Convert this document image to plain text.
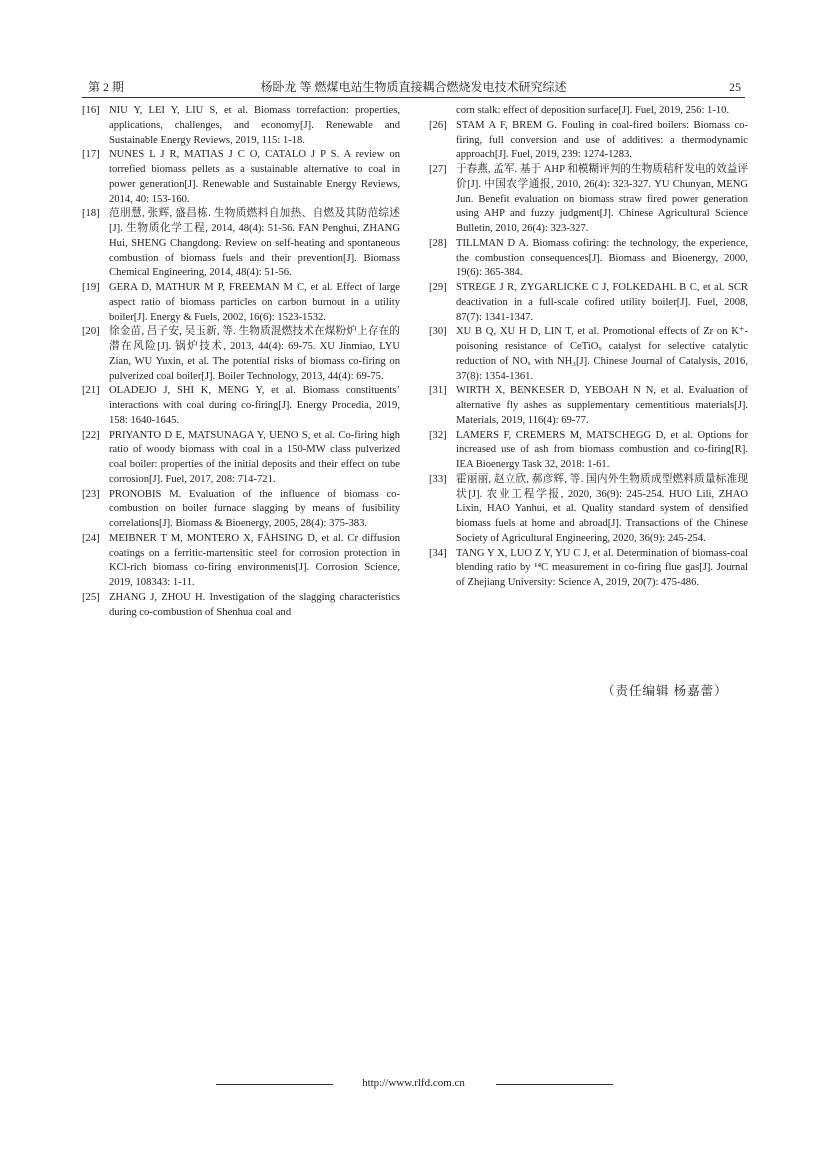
第 2 期	杨卧龙 等 燃煤电站生物质直接耦合燃烧发电技术研究综述	25
[16] NIU Y, LEI Y, LIU S, et al. Biomass torrefaction: properties, applications, challenges, and economy[J]. Renewable and Sustainable Energy Reviews, 2019, 115: 1-18.
[17] NUNES L J R, MATIAS J C O, CATALO J P S. A review on torrefied biomass pellets as a sustainable alternative to coal in power generation[J]. Renewable and Sustainable Energy Reviews, 2014, 40: 153-160.
[18] 范朋慧, 张辉, 盛昌栋. 生物质燃料自加热、自燃及其防范综述[J]. 生物质化学工程, 2014, 48(4): 51-56. FAN Penghui, ZHANG Hui, SHENG Changdong. Review on self-heating and spontaneous combustion of biomass fuels and their prevention[J]. Biomass Chemical Engineering, 2014, 48(4): 51-56.
[19] GERA D, MATHUR M P, FREEMAN M C, et al. Effect of large aspect ratio of biomass particles on carbon burnout in a utility boiler[J]. Energy & Fuels, 2002, 16(6): 1523-1532.
[20] 徐金苗, 吕子安, 吴玉新, 等. 生物质混燃技术在煤粉炉上存在的潜在风险[J]. 锅炉技术, 2013, 44(4): 69-75. XU Jinmiao, LYU Zian, WU Yuxin, et al. The potential risks of biomass co-firing on pulverized coal boiler[J]. Boiler Technology, 2013, 44(4): 69-75.
[21] OLADEJO J, SHI K, MENG Y, et al. Biomass constituents’ interactions with coal during co-firing[J]. Energy Procedia, 2019, 158: 1640-1645.
[22] PRIYANTO D E, MATSUNAGA Y, UENO S, et al. Co-firing high ratio of woody biomass with coal in a 150-MW class pulverized coal boiler: properties of the initial deposits and their effect on tube corrosion[J]. Fuel, 2017, 208: 714-721.
[23] PRONOBIS M. Evaluation of the influence of biomass co-combustion on boiler furnace slagging by means of fusibility correlations[J]. Biomass & Bioenergy, 2005, 28(4): 375-383.
[24] MEIBNER T M, MONTERO X, FÄHSING D, et al. Cr diffusion coatings on a ferritic-martensitic steel for corrosion protection in KCl-rich biomass co-firing environments[J]. Corrosion Science, 2019, 108343: 1-11.
[25] ZHANG J, ZHOU H. Investigation of the slagging characteristics during co-combustion of Shenhua coal and
corn stalk: effect of deposition surface[J]. Fuel, 2019, 256: 1-10.
[26] STAM A F, BREM G. Fouling in coal-fired boilers: Biomass co-firing, full conversion and use of additives: a thermodynamic approach[J]. Fuel, 2019, 239: 1274-1283.
[27] 于春燕, 孟军. 基于 AHP 和模糊评判的生物质秸秆发电的效益评价[J]. 中国农学通报, 2010, 26(4): 323-327. YU Chunyan, MENG Jun. Benefit evaluation on biomass straw fired power generation using AHP and fuzzy judgment[J]. Chinese Agricultural Science Bulletin, 2010, 26(4): 323-327.
[28] TILLMAN D A. Biomass cofiring: the technology, the experience, the combustion consequences[J]. Biomass and Bioenergy, 2000, 19(6): 365-384.
[29] STREGE J R, ZYGARLICKE C J, FOLKEDAHL B C, et al. SCR deactivation in a full-scale cofired utility boiler[J]. Fuel, 2008, 87(7): 1341-1347.
[30] XU B Q, XU H D, LIN T, et al. Promotional effects of Zr on K⁺-poisoning resistance of CeTiOₓ catalyst for selective catalytic reduction of NOₓ with NH₃[J]. Chinese Journal of Catalysis, 2016, 37(8): 1354-1361.
[31] WIRTH X, BENKESER D, YEBOAH N N, et al. Evaluation of alternative fly ashes as supplementary cementitious materials[J]. Materials, 2019, 116(4): 69-77.
[32] LAMERS F, CREMERS M, MATSCHEGG D, et al. Options for increased use of ash from biomass combustion and co-firing[R]. IEA Bioenergy Task 32, 2018: 1-61.
[33] 霍丽丽, 赵立欣, 郝彦辉, 等. 国内外生物质成型燃料质量标准现状[J]. 农业工程学报, 2020, 36(9): 245-254. HUO Lili, ZHAO Lixin, HAO Yanhui, et al. Quality standard system of densified biomass fuels at home and abroad[J]. Transactions of the Chinese Society of Agricultural Engineering, 2020, 36(9): 245-254.
[34] TANG Y X, LUO Z Y, YU C J, et al. Determination of biomass-coal blending ratio by ¹⁴C measurement in co-firing flue gas[J]. Journal of Zhejiang University: Science A, 2019, 20(7): 475-486.
（责任编辑 杨嘉蕾）
http://www.rlfd.com.cn
